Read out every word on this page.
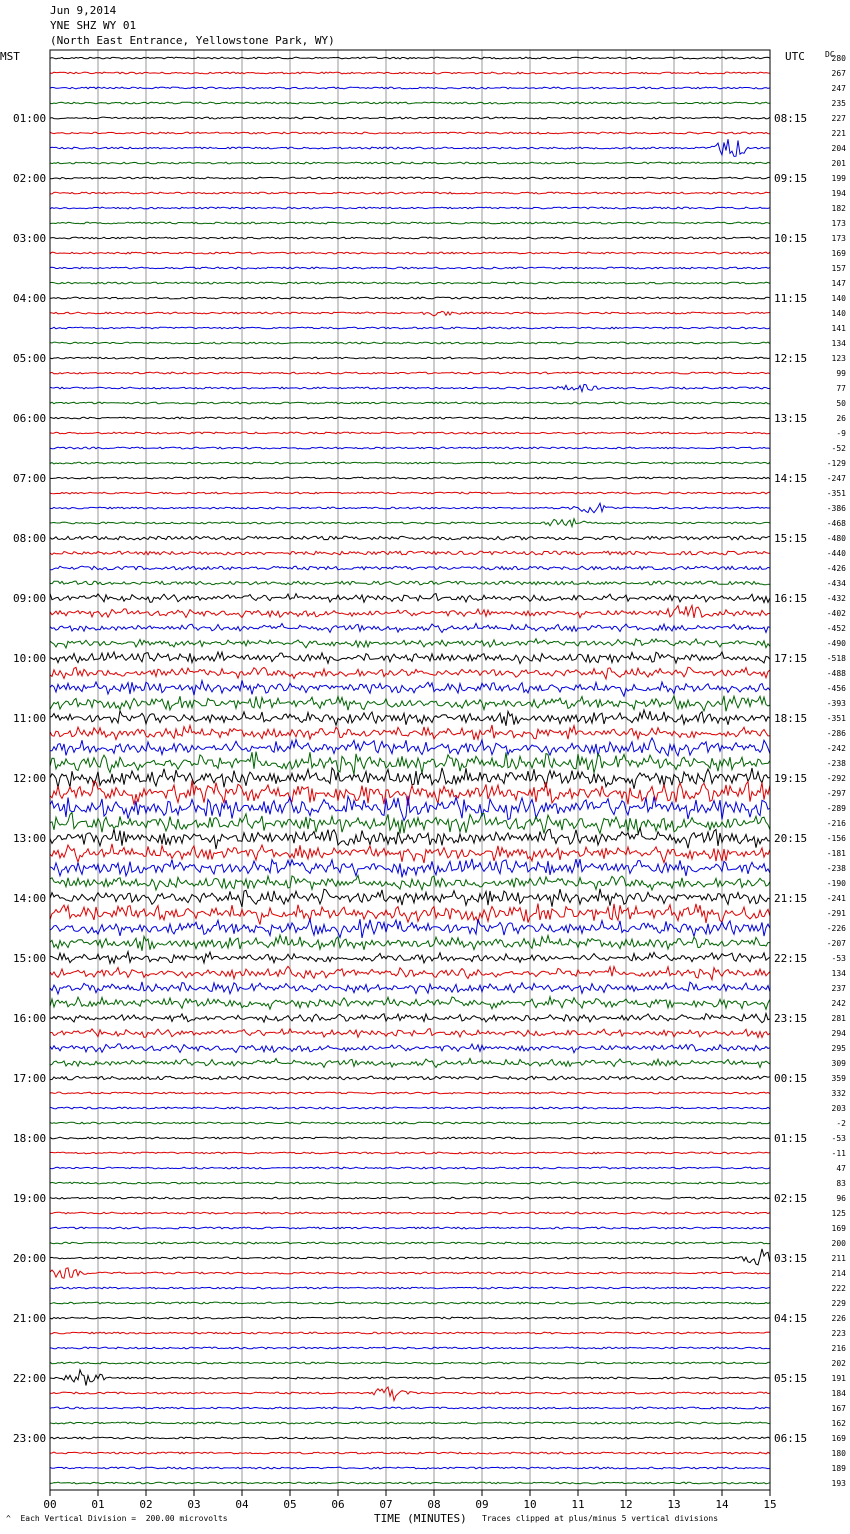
Jun 9,2014
YNE SHZ WY 01
(North East Entrance, Yellowstone Park, WY)
280
267
247
235
227
221
204
201
199
194
182
173
173
169
157
147
140
140
141
134
123
99
77
50
26
-9
-52
-129
-247
-351
-386
-468
-480
-440
-426
-434
-432
-402
-452
-490
-518
-488
-456
-393
-351
-286
-242
-238
-292
-297
-289
-216
-156
-181
-238
-190
-241
-291
-226
-207
-53
134
237
242
281
294
295
309
359
332
203
-2
-53
-11
47
83
96
125
169
200
211
214
222
229
226
223
216
202
191
184
167
162
169
180
189
193
MST	UTC	DC
01:00	08:15
02:00	09:15
03:00	10:15
04:00	11:15
05:00	12:15
06:00	13:15
07:00	14:15
08:00	15:15
09:00	16:15
10:00	17:15
11:00	18:15
12:00	19:15
13:00	20:15
14:00	21:15
15:00	22:15
16:00	23:15
17:00	00:15
18:00	01:15
19:00	02:15
20:00	03:15
21:00	04:15
22:00	05:15
23:00	06:15
00	01	02	03	04	05	06	07	08	09	10	11	12	13	14	15
TIME (MINUTES)
^ Each Vertical Division =  200.00 microvolts	Traces clipped at plus/minus 5 vertical divisions
